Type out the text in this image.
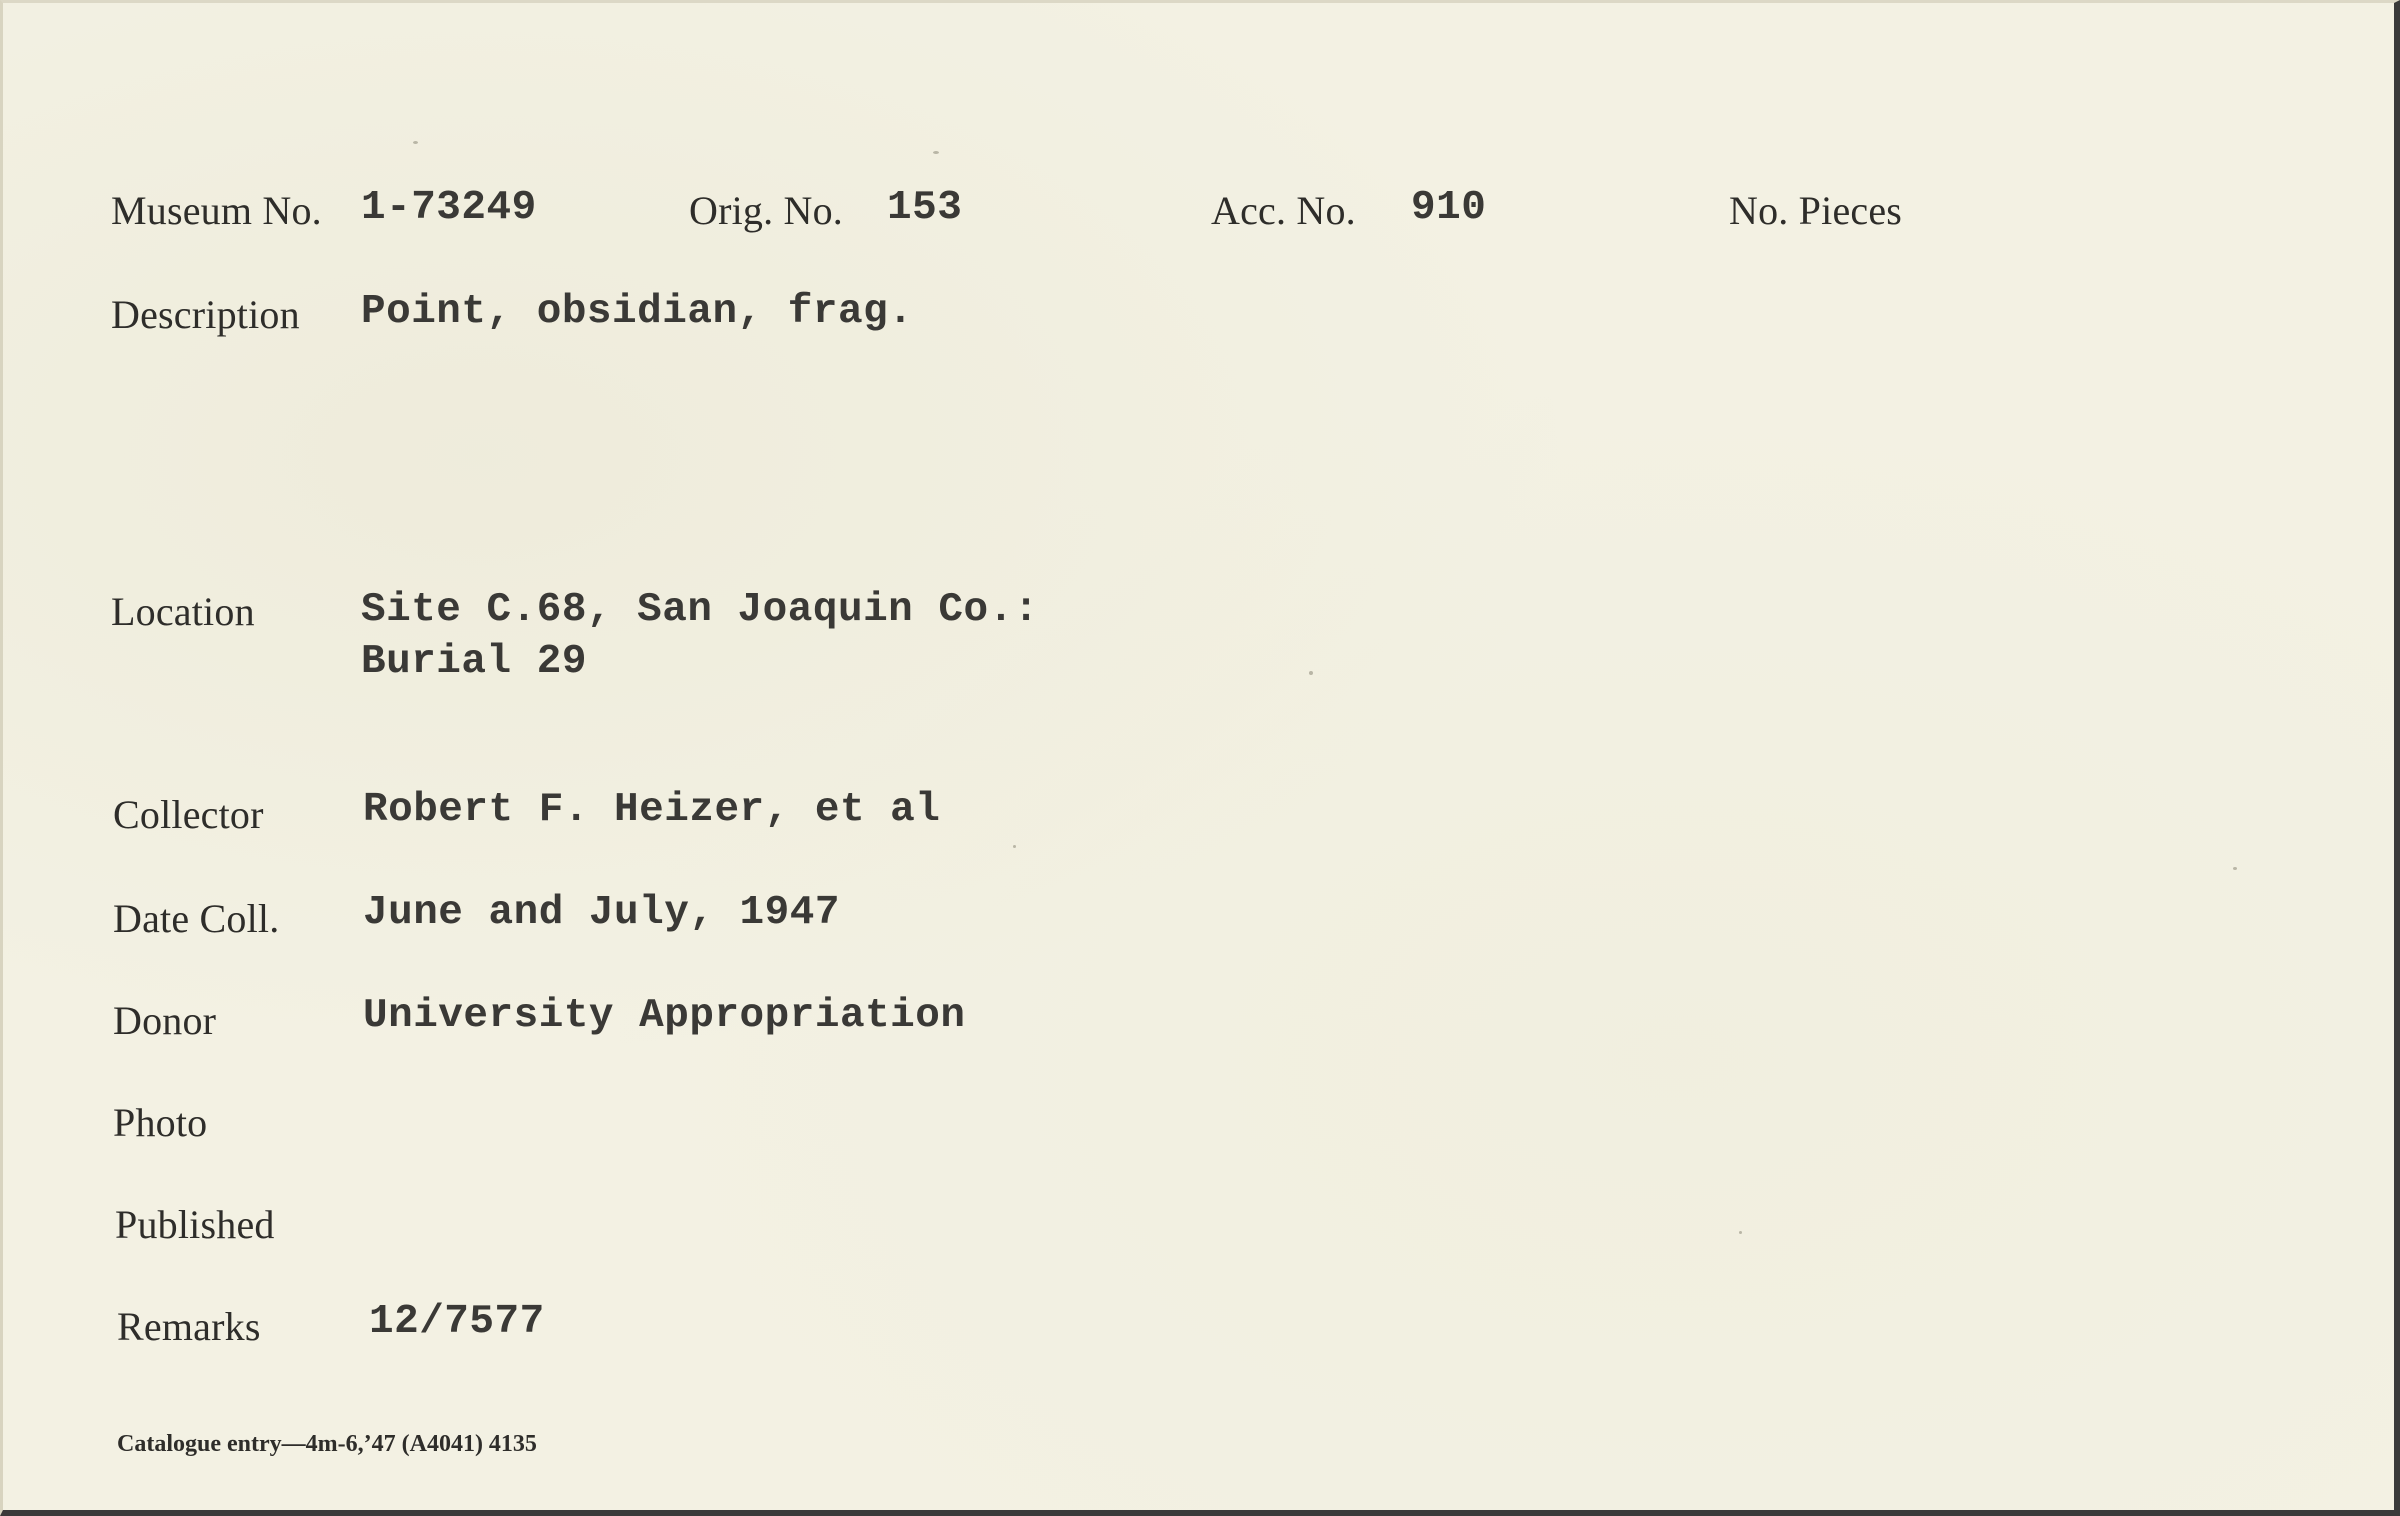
Museum No. 1-73249	Orig. No. 153	Acc. No. 910	No. Pieces
Description Point, obsidian, frag.
Location	Site C.68, San Joaquin Co.:
Burial 29
Collector Robert F. Heizer, et al
Date Coll. June and July, 1947
Donor	University Appropriation
Photo
Published
Remarks	12/7577
Catalogue entry—4m-6,’47 (A4041) 4135
